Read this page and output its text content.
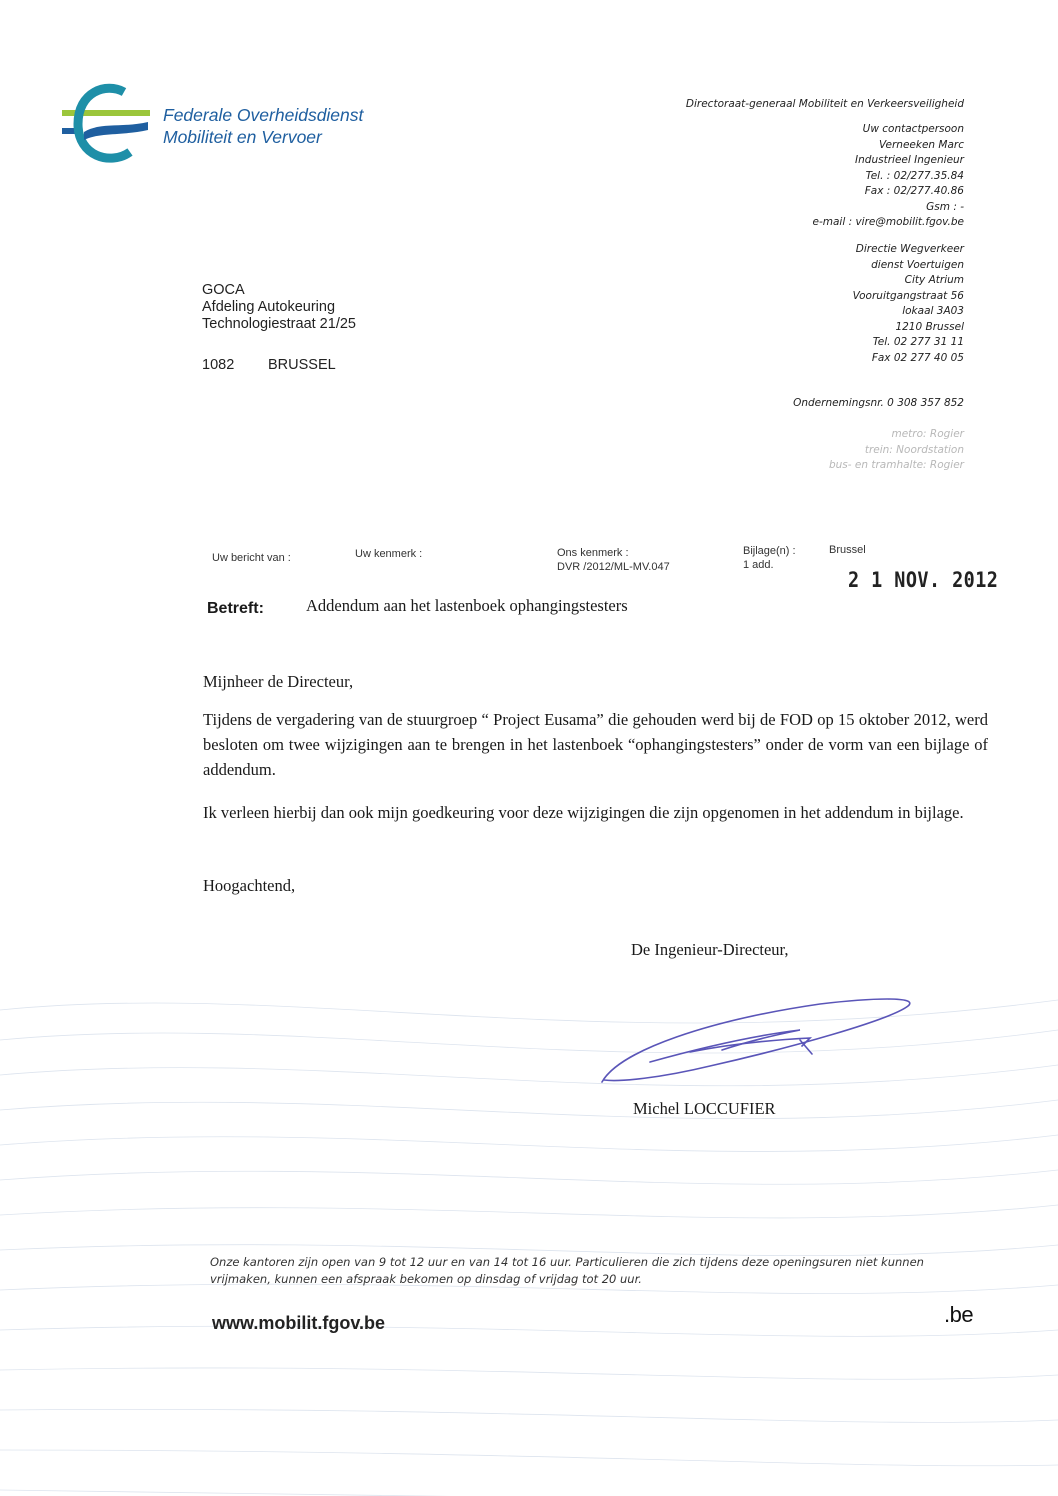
Federale Overheidsdienst
Mobiliteit en Vervoer
Directoraat-generaal Mobiliteit en Verkeersveiligheid
Uw contactpersoon
Verneeken Marc
Industrieel Ingenieur
Tel. : 02/277.35.84
Fax : 02/277.40.86
Gsm : -
e-mail : vire@mobilit.fgov.be
Directie Wegverkeer
dienst Voertuigen
City Atrium
Vooruitgangstraat 56
lokaal 3A03
1210 Brussel
Tel. 02 277 31 11
Fax 02 277 40 05
Ondernemingsnr. 0 308 357 852
metro: Rogier
trein: Noordstation
bus- en tramhalte: Rogier
GOCA
Afdeling Autokeuring
Technologiestraat 21/25
1082 BRUSSEL
Uw bericht van :	Uw kenmerk :	Ons kenmerk :
DVR /2012/ML-MV.047
Bijlage(n) :
1 add.
Brussel
2 1 NOV. 2012
Betreft:	Addendum aan het lastenboek ophangingstesters
Mijnheer de Directeur,

Tijdens de vergadering van de stuurgroep “ Project Eusama” die gehouden werd bij de FOD op 15 oktober 2012, werd besloten om twee wijzigingen aan te brengen in het lastenboek “ophangingstesters” onder de vorm van een bijlage of addendum.

Ik verleen hierbij dan ook mijn goedkeuring voor deze wijzigingen die zijn opgenomen in het addendum in bijlage.

Hoogachtend,
De Ingenieur-Directeur,
Michel LOCCUFIER
Onze kantoren zijn open van 9 tot 12 uur en van 14 tot 16 uur. Particulieren die zich tijdens deze openingsuren niet kunnen vrijmaken, kunnen een afspraak bekomen op dinsdag of vrijdag tot 20 uur.
www.mobilit.fgov.be	.be
